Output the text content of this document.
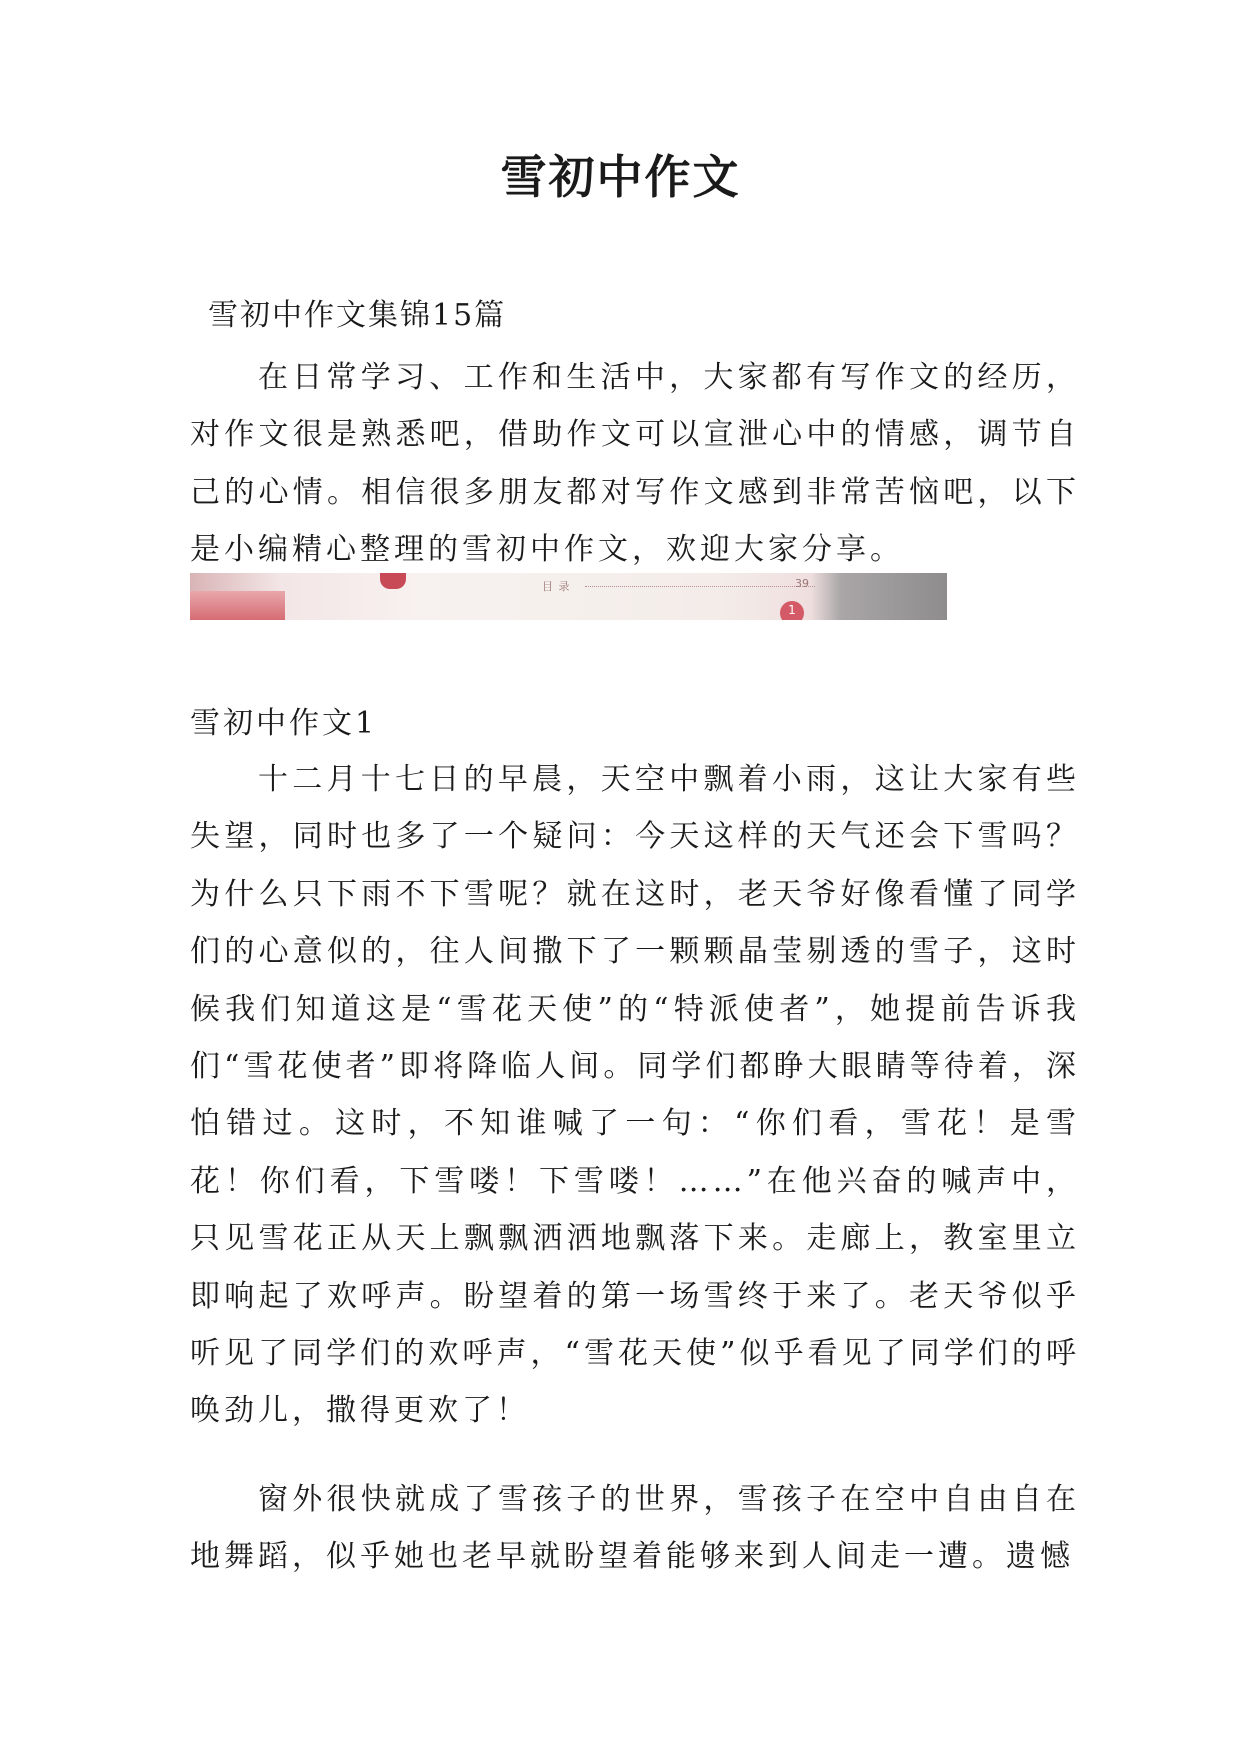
雪初中作文
雪初中作文集锦15篇

在日常学习、工作和生活中，大家都有写作文的经历，对作文很是熟悉吧，借助作文可以宣泄心中的情感，调节自己的心情。相信很多朋友都对写作文感到非常苦恼吧，以下是小编精心整理的雪初中作文，欢迎大家分享。

目 录	39
1
雪初中作文1

十二月十七日的早晨，天空中飘着小雨，这让大家有些失望，同时也多了一个疑问：今天这样的天气还会下雪吗？为什么只下雨不下雪呢？就在这时，老天爷好像看懂了同学们的心意似的，往人间撒下了一颗颗晶莹剔透的雪子，这时候我们知道这是“雪花天使”的“特派使者”，她提前告诉我们“雪花使者”即将降临人间。同学们都睁大眼睛等待着，深怕错过。这时，不知谁喊了一句：“你们看，雪花！是雪花！你们看，下雪喽！下雪喽！……”在他兴奋的喊声中，只见雪花正从天上飘飘洒洒地飘落下来。走廊上，教室里立即响起了欢呼声。盼望着的第一场雪终于来了。老天爷似乎听见了同学们的欢呼声，“雪花天使”似乎看见了同学们的呼唤劲儿，撒得更欢了！

窗外很快就成了雪孩子的世界，雪孩子在空中自由自在地舞蹈，似乎她也老早就盼望着能够来到人间走一遭。遗憾
